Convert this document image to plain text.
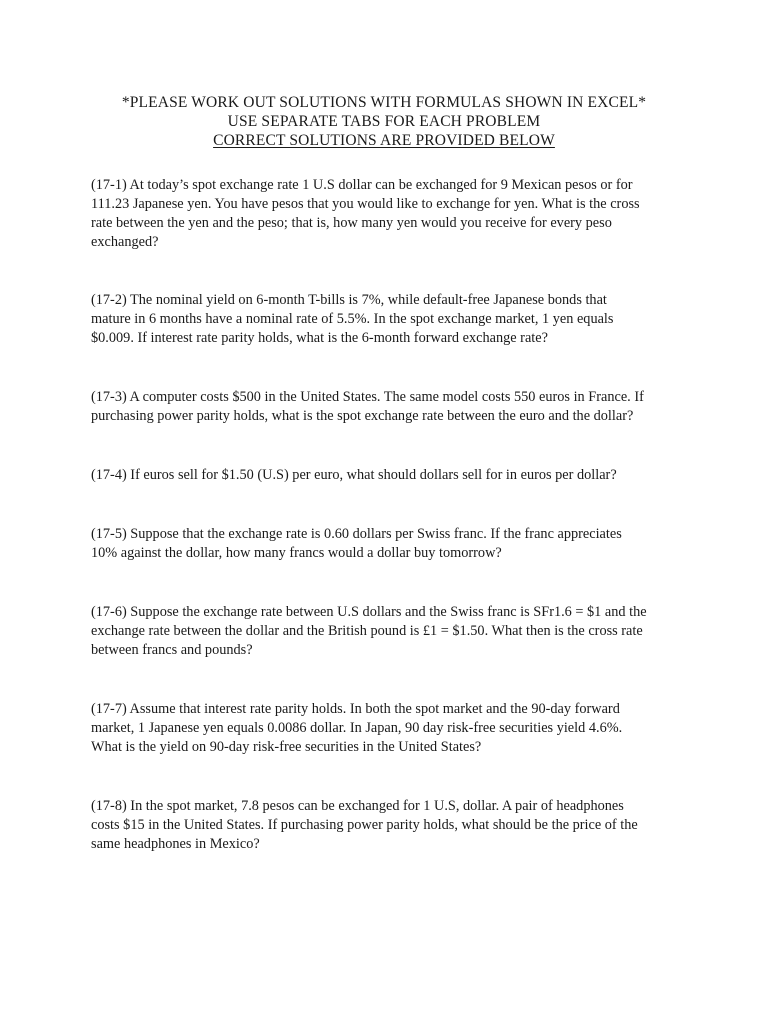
*PLEASE WORK OUT SOLUTIONS WITH FORMULAS SHOWN IN EXCEL*
USE SEPARATE TABS FOR EACH PROBLEM
CORRECT SOLUTIONS ARE PROVIDED BELOW

(17-1) At today’s spot exchange rate 1 U.S dollar can be exchanged for 9 Mexican pesos or for
111.23 Japanese yen. You have pesos that you would like to exchange for yen. What is the cross
rate between the yen and the peso; that is, how many yen would you receive for every peso
exchanged?

(17-2) The nominal yield on 6-month T-bills is 7%, while default-free Japanese bonds that
mature in 6 months have a nominal rate of 5.5%. In the spot exchange market, 1 yen equals
$0.009. If interest rate parity holds, what is the 6-month forward exchange rate?

(17-3) A computer costs $500 in the United States. The same model costs 550 euros in France. If
purchasing power parity holds, what is the spot exchange rate between the euro and the dollar?

(17-4) If euros sell for $1.50 (U.S) per euro, what should dollars sell for in euros per dollar?

(17-5) Suppose that the exchange rate is 0.60 dollars per Swiss franc. If the franc appreciates
10% against the dollar, how many francs would a dollar buy tomorrow?

(17-6) Suppose the exchange rate between U.S dollars and the Swiss franc is SFr1.6 = $1 and the
exchange rate between the dollar and the British pound is £1 = $1.50. What then is the cross rate
between francs and pounds?

(17-7) Assume that interest rate parity holds. In both the spot market and the 90-day forward
market, 1 Japanese yen equals 0.0086 dollar. In Japan, 90 day risk-free securities yield 4.6%.
What is the yield on 90-day risk-free securities in the United States?

(17-8) In the spot market, 7.8 pesos can be exchanged for 1 U.S, dollar. A pair of headphones
costs $15 in the United States. If purchasing power parity holds, what should be the price of the
same headphones in Mexico?
